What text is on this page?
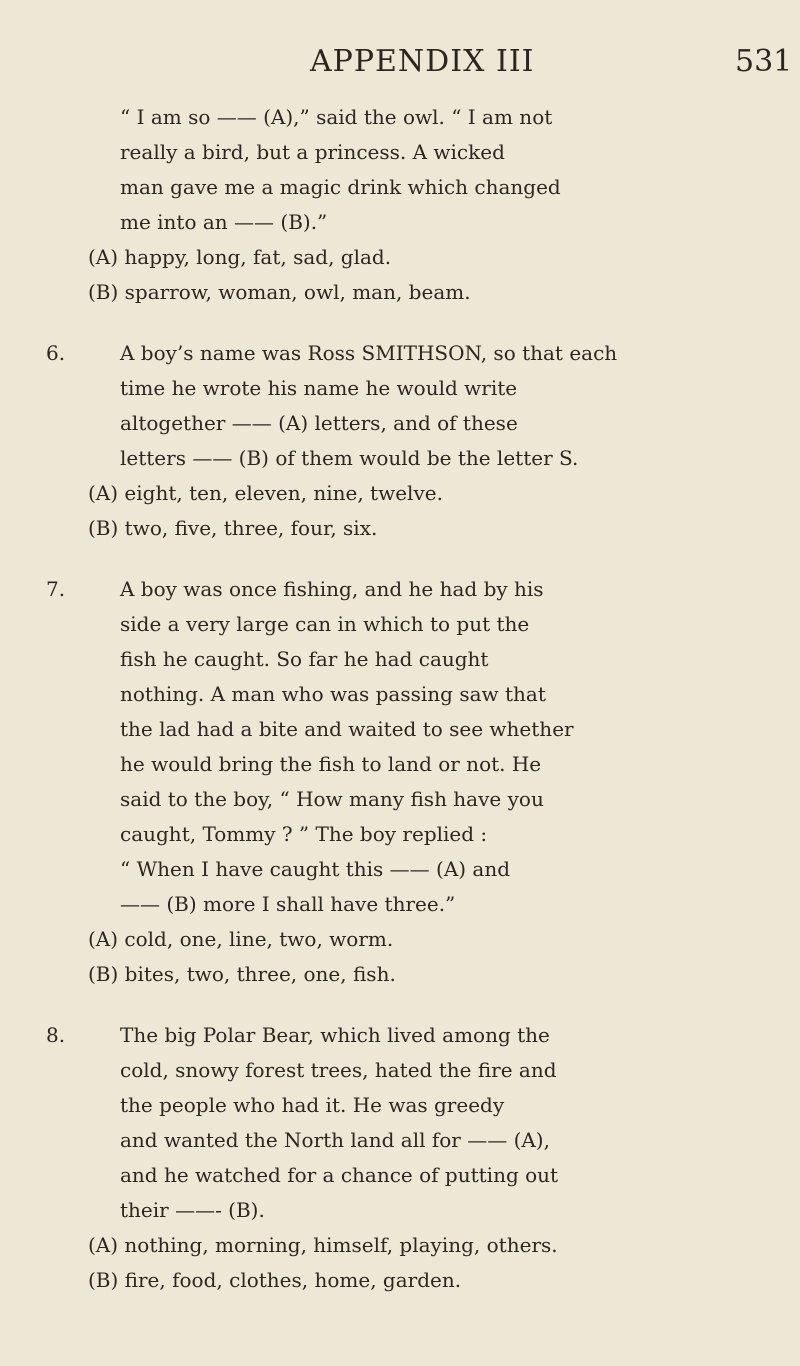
APPENDIX III	531
“ I am so —— (A),” said the owl. “ I am not
really a bird, but a princess. A wicked
man gave me a magic drink which changed
me into an —— (B).”
(A) happy, long, fat, sad, glad.
(B) sparrow, woman, owl, man, beam.
6.	A boy’s name was Ross SMITHSON, so that each
time he wrote his name he would write
altogether —— (A) letters, and of these
letters —— (B) of them would be the letter S.
(A) eight, ten, eleven, nine, twelve.
(B) two, five, three, four, six.
7.	A boy was once fishing, and he had by his
side a very large can in which to put the
fish he caught. So far he had caught
nothing. A man who was passing saw that
the lad had a bite and waited to see whether
he would bring the fish to land or not. He
said to the boy, “ How many fish have you
caught, Tommy ? ” The boy replied :
“ When I have caught this —— (A) and
—— (B) more I shall have three.”
(A) cold, one, line, two, worm.
(B) bites, two, three, one, fish.
8.	The big Polar Bear, which lived among the
cold, snowy forest trees, hated the fire and
the people who had it. He was greedy
and wanted the North land all for —— (A),
and he watched for a chance of putting out
their ——- (B).
(A) nothing, morning, himself, playing, others.
(B) fire, food, clothes, home, garden.
